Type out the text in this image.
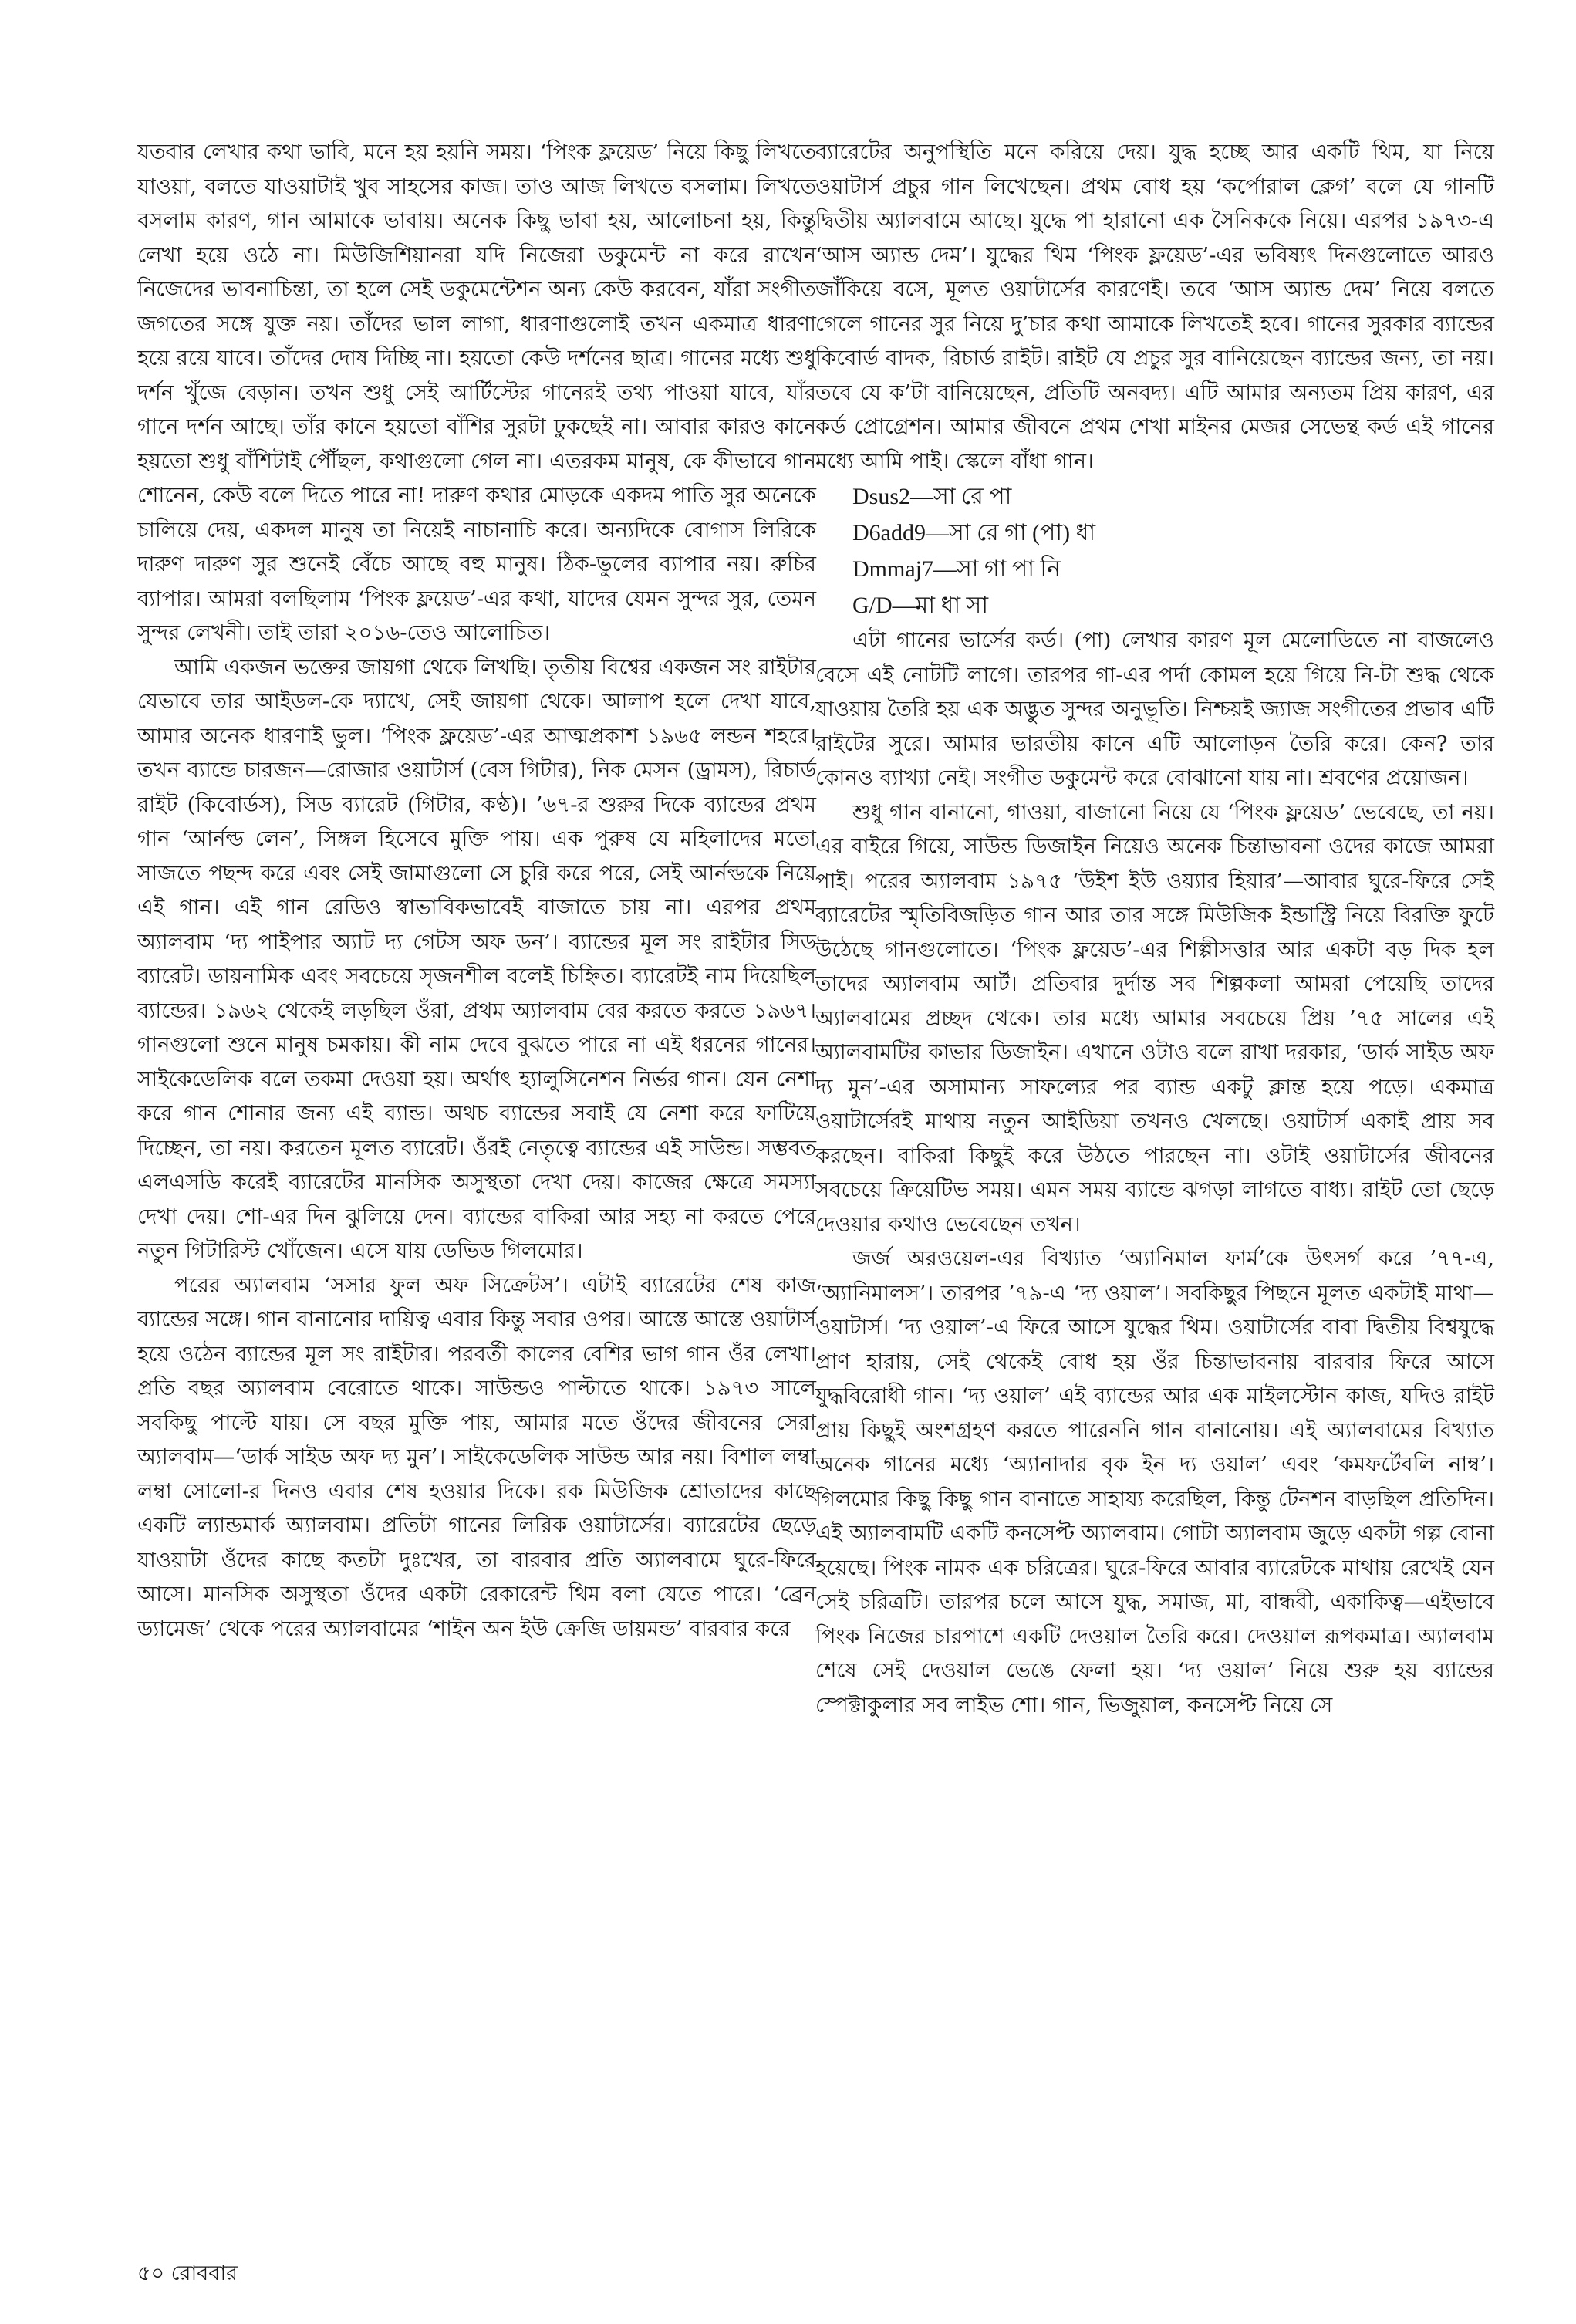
যতবার লেখার কথা ভাবি, মনে হয় হয়নি সময়। ‘পিংক ফ্লয়েড’ নিয়ে কিছু লিখতে যাওয়া, বলতে যাওয়াটাই খুব সাহসের কাজ। তাও আজ লিখতে বসলাম। লিখতে বসলাম কারণ, গান আমাকে ভাবায়। অনেক কিছু ভাবা হয়, আলোচনা হয়, কিন্তু লেখা হয়ে ওঠে না। মিউজিশিয়ানরা যদি নিজেরা ডকুমেন্ট না করে রাখেন নিজেদের ভাবনাচিন্তা, তা হলে সেই ডকুমেন্টেশন অন্য কেউ করবেন, যাঁরা সংগীত জগতের সঙ্গে যুক্ত নয়। তাঁদের ভাল লাগা, ধারণাগুলোই তখন একমাত্র ধারণা হয়ে রয়ে যাবে। তাঁদের দোষ দিচ্ছি না। হয়তো কেউ দর্শনের ছাত্র। গানের মধ্যে শুধু দর্শন খুঁজে বেড়ান। তখন শুধু সেই আর্টিস্টের গানেরই তথ্য পাওয়া যাবে, যাঁর গানে দর্শন আছে। তাঁর কানে হয়তো বাঁশির সুরটা ঢুকছেই না। আবার কারও কানে হয়তো শুধু বাঁশিটাই পৌঁছল, কথাগুলো গেল না। এতরকম মানুষ, কে কীভাবে গান শোনেন, কেউ বলে দিতে পারে না! দারুণ কথার মোড়কে একদম পাতি সুর অনেকে চালিয়ে দেয়, একদল মানুষ তা নিয়েই নাচানাচি করে। অন্যদিকে বোগাস লিরিকে দারুণ দারুণ সুর শুনেই বেঁচে আছে বহু মানুষ। ঠিক-ভুলের ব্যাপার নয়। রুচির ব্যাপার। আমরা বলছিলাম ‘পিংক ফ্লয়েড’-এর কথা, যাদের যেমন সুন্দর সুর, তেমন সুন্দর লেখনী। তাই তারা ২০১৬-তেও আলোচিত।

আমি একজন ভক্তের জায়গা থেকে লিখছি। তৃতীয় বিশ্বের একজন সং রাইটার যেভাবে তার আইডল-কে দ্যাখে, সেই জায়গা থেকে। আলাপ হলে দেখা যাবে, আমার অনেক ধারণাই ভুল। ‘পিংক ফ্লয়েড’-এর আত্মপ্রকাশ ১৯৬৫ লন্ডন শহরে। তখন ব্যান্ডে চারজন—রোজার ওয়াটার্স (বেস গিটার), নিক মেসন (ড্রামস), রিচার্ড রাইট (কিবোর্ডস), সিড ব্যারেট (গিটার, কণ্ঠ)। ’৬৭-র শুরুর দিকে ব্যান্ডের প্রথম গান ‘আর্নল্ড লেন’, সিঙ্গল হিসেবে মুক্তি পায়। এক পুরুষ যে মহিলাদের মতো সাজতে পছন্দ করে এবং সেই জামাগুলো সে চুরি করে পরে, সেই আর্নল্ডকে নিয়ে এই গান। এই গান রেডিও স্বাভাবিকভাবেই বাজাতে চায় না। এরপর প্রথম অ্যালবাম ‘দ্য পাইপার অ্যাট দ্য গেটস অফ ডন’। ব্যান্ডের মূল সং রাইটার সিড ব্যারেট। ডায়নামিক এবং সবচেয়ে সৃজনশীল বলেই চিহ্নিত। ব্যারেটই নাম দিয়েছিল ব্যান্ডের। ১৯৬২ থেকেই লড়ছিল ওঁরা, প্রথম অ্যালবাম বের করতে করতে ১৯৬৭। গানগুলো শুনে মানুষ চমকায়। কী নাম দেবে বুঝতে পারে না এই ধরনের গানের। সাইকেডেলিক বলে তকমা দেওয়া হয়। অর্থাৎ হ্যালুসিনেশন নির্ভর গান। যেন নেশা করে গান শোনার জন্য এই ব্যান্ড। অথচ ব্যান্ডের সবাই যে নেশা করে ফাটিয়ে দিচ্ছেন, তা নয়। করতেন মূলত ব্যারেট। ওঁরই নেতৃত্বে ব্যান্ডের এই সাউন্ড। সম্ভবত এলএসডি করেই ব্যারেটের মানসিক অসুস্থতা দেখা দেয়। কাজের ক্ষেত্রে সমস্যা দেখা দেয়। শো-এর দিন ঝুলিয়ে দেন। ব্যান্ডের বাকিরা আর সহ্য না করতে পেরে নতুন গিটারিস্ট খোঁজেন। এসে যায় ডেভিড গিলমোর।

পরের অ্যালবাম ‘সসার ফুল অফ সিক্রেটস’। এটাই ব্যারেটের শেষ কাজ ব্যান্ডের সঙ্গে। গান বানানোর দায়িত্ব এবার কিন্তু সবার ওপর। আস্তে আস্তে ওয়াটার্স হয়ে ওঠেন ব্যান্ডের মূল সং রাইটার। পরবর্তী কালের বেশির ভাগ গান ওঁর লেখা। প্রতি বছর অ্যালবাম বেরোতে থাকে। সাউন্ডও পাল্টাতে থাকে। ১৯৭৩ সালে সবকিছু পাল্টে যায়। সে বছর মুক্তি পায়, আমার মতে ওঁদের জীবনের সেরা অ্যালবাম—‘ডার্ক সাইড অফ দ্য মুন’। সাইকেডেলিক সাউন্ড আর নয়। বিশাল লম্বা লম্বা সোলো-র দিনও এবার শেষ হওয়ার দিকে। রক মিউজিক শ্রোতাদের কাছে একটি ল্যান্ডমার্ক অ্যালবাম। প্রতিটা গানের লিরিক ওয়াটার্সের। ব্যারেটের ছেড়ে যাওয়াটা ওঁদের কাছে কতটা দুঃখের, তা বারবার প্রতি অ্যালবামে ঘুরে-ফিরে আসে। মানসিক অসুস্থতা ওঁদের একটা রেকারেন্ট থিম বলা যেতে পারে। ‘ব্রেন ড্যামেজ’ থেকে পরের অ্যালবামের ‘শাইন অন ইউ ক্রেজি ডায়মন্ড’ বারবার করে

ব্যারেটের অনুপস্থিতি মনে করিয়ে দেয়। যুদ্ধ হচ্ছে আর একটি থিম, যা নিয়ে ওয়াটার্স প্রচুর গান লিখেছেন। প্রথম বোধ হয় ‘কর্পোরাল ক্লেগ’ বলে যে গানটি দ্বিতীয় অ্যালবামে আছে। যুদ্ধে পা হারানো এক সৈনিককে নিয়ে। এরপর ১৯৭৩-এ ‘আস অ্যান্ড দেম’। যুদ্ধের থিম ‘পিংক ফ্লয়েড’-এর ভবিষ্যৎ দিনগুলোতে আরও জাঁকিয়ে বসে, মূলত ওয়াটার্সের কারণেই। তবে ‘আস অ্যান্ড দেম’ নিয়ে বলতে গেলে গানের সুর নিয়ে দু’চার কথা আমাকে লিখতেই হবে। গানের সুরকার ব্যান্ডের কিবোর্ড বাদক, রিচার্ড রাইট। রাইট যে প্রচুর সুর বানিয়েছেন ব্যান্ডের জন্য, তা নয়। তবে যে ক’টা বানিয়েছেন, প্রতিটি অনবদ্য। এটি আমার অন্যতম প্রিয় কারণ, এর কর্ড প্রোগ্রেশন। আমার জীবনে প্রথম শেখা মাইনর মেজর সেভেন্থ কর্ড এই গানের মধ্যে আমি পাই। স্কেলে বাঁধা গান।

Dsus2—সা রে পা
D6add9—সা রে গা (পা) ধা
Dmmaj7—সা গা পা নি
G/D—মা ধা সা

এটা গানের ভার্সের কর্ড। (পা) লেখার কারণ মূল মেলোডিতে না বাজলেও বেসে এই নোটটি লাগে। তারপর গা-এর পর্দা কোমল হয়ে গিয়ে নি-টা শুদ্ধ থেকে যাওয়ায় তৈরি হয় এক অদ্ভুত সুন্দর অনুভূতি। নিশ্চয়ই জ্যাজ সংগীতের প্রভাব এটি রাইটের সুরে। আমার ভারতীয় কানে এটি আলোড়ন তৈরি করে। কেন? তার কোনও ব্যাখ্যা নেই। সংগীত ডকুমেন্ট করে বোঝানো যায় না। শ্রবণের প্রয়োজন।

শুধু গান বানানো, গাওয়া, বাজানো নিয়ে যে ‘পিংক ফ্লয়েড’ ভেবেছে, তা নয়। এর বাইরে গিয়ে, সাউন্ড ডিজাইন নিয়েও অনেক চিন্তাভাবনা ওদের কাজে আমরা পাই। পরের অ্যালবাম ১৯৭৫ ‘উইশ ইউ ওয়্যার হিয়ার’—আবার ঘুরে-ফিরে সেই ব্যারেটের স্মৃতিবিজড়িত গান আর তার সঙ্গে মিউজিক ইন্ডাস্ট্রি নিয়ে বিরক্তি ফুটে উঠেছে গানগুলোতে। ‘পিংক ফ্লয়েড’-এর শিল্পীসত্তার আর একটা বড় দিক হল তাদের অ্যালবাম আর্ট। প্রতিবার দুর্দান্ত সব শিল্পকলা আমরা পেয়েছি তাদের অ্যালবামের প্রচ্ছদ থেকে। তার মধ্যে আমার সবচেয়ে প্রিয় ’৭৫ সালের এই অ্যালবামটির কাভার ডিজাইন। এখানে ওটাও বলে রাখা দরকার, ‘ডার্ক সাইড অফ দ্য মুন’-এর অসামান্য সাফল্যের পর ব্যান্ড একটু ক্লান্ত হয়ে পড়ে। একমাত্র ওয়াটার্সেরই মাথায় নতুন আইডিয়া তখনও খেলছে। ওয়াটার্স একাই প্রায় সব করছেন। বাকিরা কিছুই করে উঠতে পারছেন না। ওটাই ওয়াটার্সের জীবনের সবচেয়ে ক্রিয়েটিভ সময়। এমন সময় ব্যান্ডে ঝগড়া লাগতে বাধ্য। রাইট তো ছেড়ে দেওয়ার কথাও ভেবেছেন তখন।

জর্জ অরওয়েল-এর বিখ্যাত ‘অ্যানিমাল ফার্ম’কে উৎসর্গ করে ’৭৭-এ, ‘অ্যানিমালস’। তারপর ’৭৯-এ ‘দ্য ওয়াল’। সবকিছুর পিছনে মূলত একটাই মাথা—ওয়াটার্স। ‘দ্য ওয়াল’-এ ফিরে আসে যুদ্ধের থিম। ওয়াটার্সের বাবা দ্বিতীয় বিশ্বযুদ্ধে প্রাণ হারায়, সেই থেকেই বোধ হয় ওঁর চিন্তাভাবনায় বারবার ফিরে আসে যুদ্ধবিরোধী গান। ‘দ্য ওয়াল’ এই ব্যান্ডের আর এক মাইলস্টোন কাজ, যদিও রাইট প্রায় কিছুই অংশগ্রহণ করতে পারেননি গান বানানোয়। এই অ্যালবামের বিখ্যাত অনেক গানের মধ্যে ‘অ্যানাদার বৃক ইন দ্য ওয়াল’ এবং ‘কমফর্টেবলি নাম্ব’। গিলমোর কিছু কিছু গান বানাতে সাহায্য করেছিল, কিন্তু টেনশন বাড়ছিল প্রতিদিন। এই অ্যালবামটি একটি কনসেপ্ট অ্যালবাম। গোটা অ্যালবাম জুড়ে একটা গল্প বোনা হয়েছে। পিংক নামক এক চরিত্রের। ঘুরে-ফিরে আবার ব্যারেটকে মাথায় রেখেই যেন সেই চরিত্রটি। তারপর চলে আসে যুদ্ধ, সমাজ, মা, বান্ধবী, একাকিত্ব—এইভাবে পিংক নিজের চারপাশে একটি দেওয়াল তৈরি করে। দেওয়াল রূপকমাত্র। অ্যালবাম শেষে সেই দেওয়াল ভেঙে ফেলা হয়। ‘দ্য ওয়াল’ নিয়ে শুরু হয় ব্যান্ডের স্পেক্টাকুলার সব লাইভ শো। গান, ভিজুয়াল, কনসেপ্ট নিয়ে সে

৫০ রোববার
